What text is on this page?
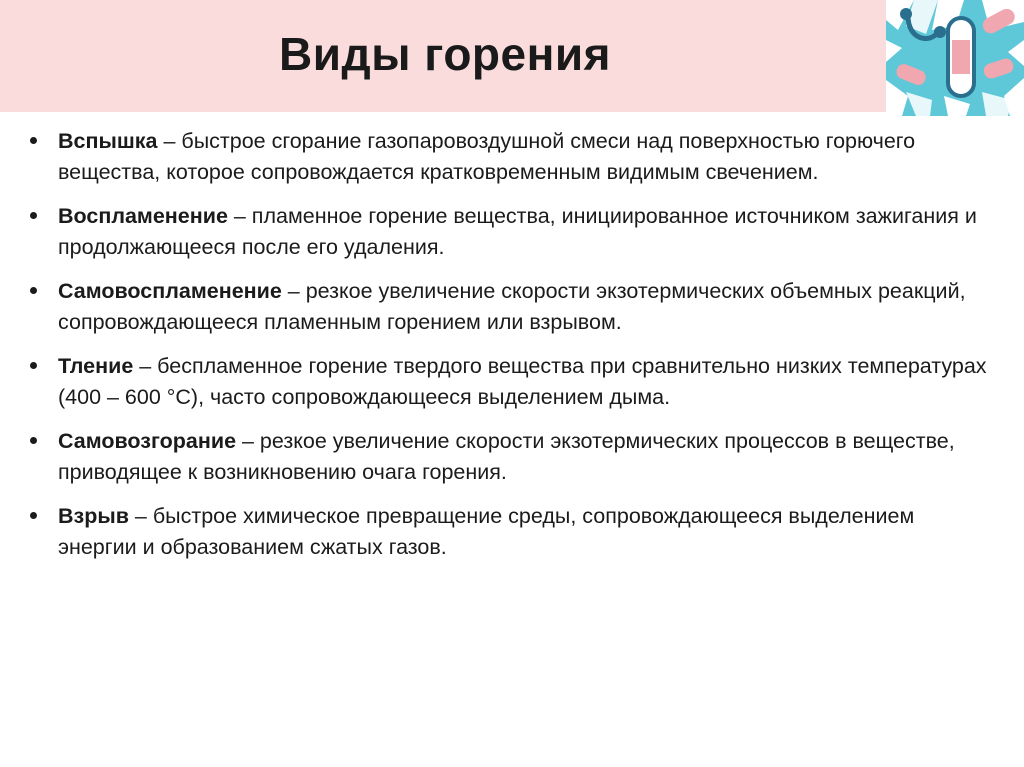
Виды горения
Вспышка – быстрое сгорание газопаровоздушной смеси над поверхностью горючего вещества, которое сопровождается кратковременным видимым свечением.
Воспламенение – пламенное горение вещества, инициированное источником зажигания и продолжающееся после его удаления.
Самовоспламенение – резкое увеличение скорости экзотермических объемных реакций, сопровождающееся пламенным горением или взрывом.
Тление – беспламенное горение твердого вещества при сравнительно низких температурах (400 – 600 °C), часто сопровождающееся выделением дыма.
Самовозгорание – резкое увеличение скорости экзотермических процессов в веществе, приводящее к возникновению очага горения.
Взрыв – быстрое химическое превращение среды, сопровождающееся выделением энергии и образованием сжатых газов.
